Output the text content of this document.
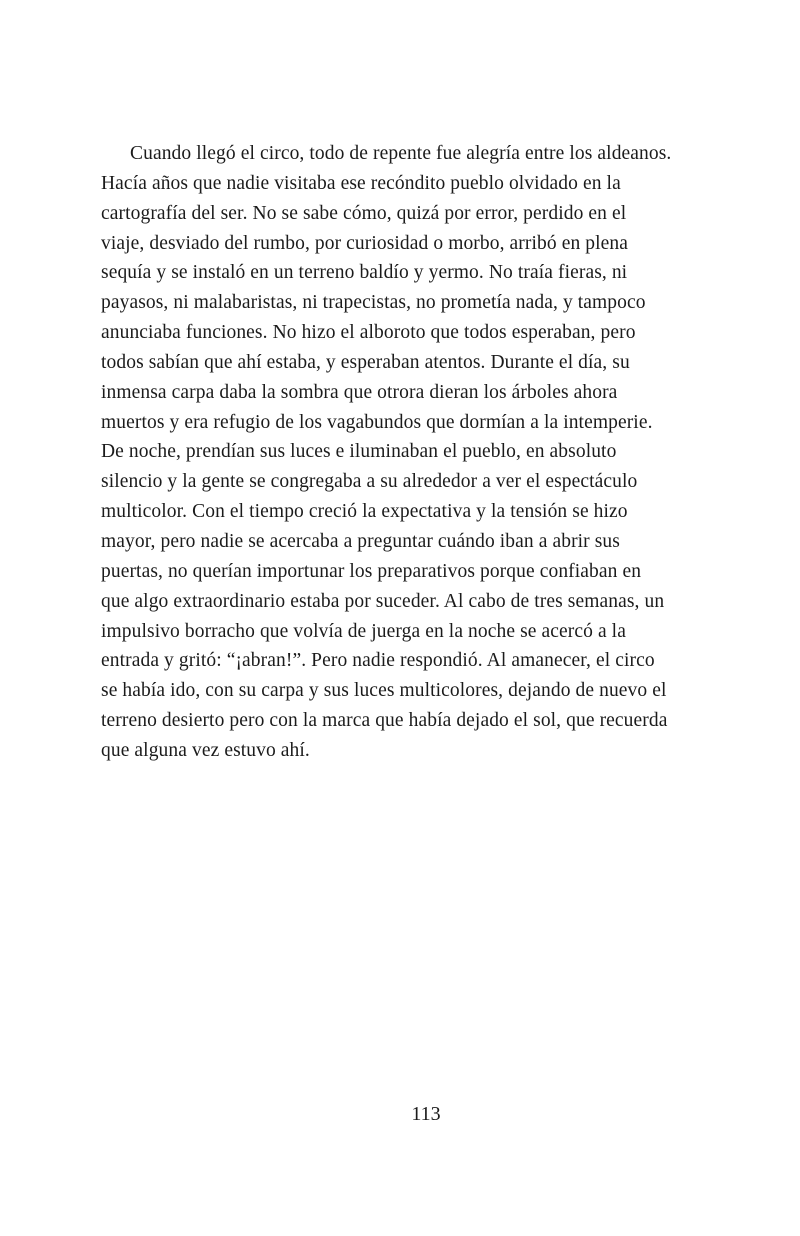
Cuando llegó el circo, todo de repente fue alegría entre los aldeanos.
Hacía años que nadie visitaba ese recóndito pueblo olvidado en la
cartografía del ser. No se sabe cómo, quizá por error, perdido en el
viaje, desviado del rumbo, por curiosidad o morbo, arribó en plena
sequía y se instaló en un terreno baldío y yermo. No traía fieras, ni
payasos, ni malabaristas, ni trapecistas, no prometía nada, y tampoco
anunciaba funciones. No hizo el alboroto que todos esperaban, pero
todos sabían que ahí estaba, y esperaban atentos. Durante el día, su
inmensa carpa daba la sombra que otrora dieran los árboles ahora
muertos y era refugio de los vagabundos que dormían a la intemperie.
De noche, prendían sus luces e iluminaban el pueblo, en absoluto
silencio y la gente se congregaba a su alrededor a ver el espectáculo
multicolor. Con el tiempo creció la expectativa y la tensión se hizo
mayor, pero nadie se acercaba a preguntar cuándo iban a abrir sus
puertas, no querían importunar los preparativos porque confiaban en
que algo extraordinario estaba por suceder. Al cabo de tres semanas, un
impulsivo borracho que volvía de juerga en la noche se acercó a la
entrada y gritó: “¡abran!”. Pero nadie respondió. Al amanecer, el circo
se había ido, con su carpa y sus luces multicolores, dejando de nuevo el
terreno desierto pero con la marca que había dejado el sol, que recuerda
que alguna vez estuvo ahí.
113
